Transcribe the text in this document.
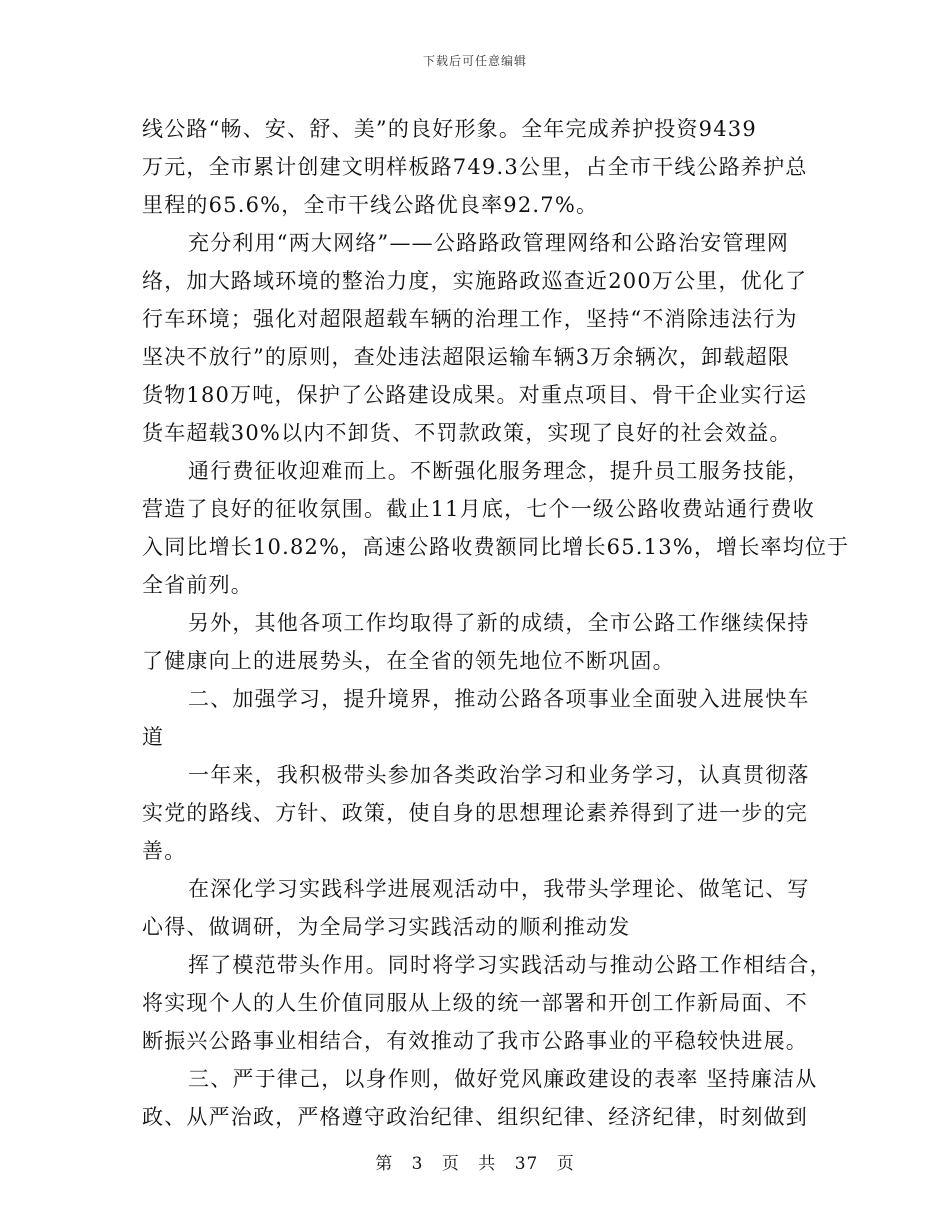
下载后可任意编辑
线公路“畅、安、舒、美”的良好形象。全年完成养护投资9439
万元，全市累计创建文明样板路749.3公里，占全市干线公路养护总
里程的65.6%，全市干线公路优良率92.7%。
充分利用“两大网络”——公路路政管理网络和公路治安管理网
络，加大路域环境的整治力度，实施路政巡查近200万公里，优化了
行车环境；强化对超限超载车辆的治理工作，坚持“不消除违法行为
坚决不放行”的原则，查处违法超限运输车辆3万余辆次，卸载超限
货物180万吨，保护了公路建设成果。对重点项目、骨干企业实行运
货车超载30%以内不卸货、不罚款政策，实现了良好的社会效益。
通行费征收迎难而上。不断强化服务理念，提升员工服务技能，
营造了良好的征收氛围。截止11月底，七个一级公路收费站通行费收
入同比增长10.82%，高速公路收费额同比增长65.13%，增长率均位于
全省前列。
另外，其他各项工作均取得了新的成绩，全市公路工作继续保持
了健康向上的进展势头，在全省的领先地位不断巩固。
二、加强学习，提升境界，推动公路各项事业全面驶入进展快车
道
一年来，我积极带头参加各类政治学习和业务学习，认真贯彻落
实党的路线、方针、政策，使自身的思想理论素养得到了进一步的完
善。
在深化学习实践科学进展观活动中，我带头学理论、做笔记、写
心得、做调研，为全局学习实践活动的顺利推动发
挥了模范带头作用。同时将学习实践活动与推动公路工作相结合，
将实现个人的人生价值同服从上级的统一部署和开创工作新局面、不
断振兴公路事业相结合，有效推动了我市公路事业的平稳较快进展。
三、严于律己，以身作则，做好党风廉政建设的表率 坚持廉洁从
政、从严治政，严格遵守政治纪律、组织纪律、经济纪律，时刻做到
第 3 页 共 37 页
